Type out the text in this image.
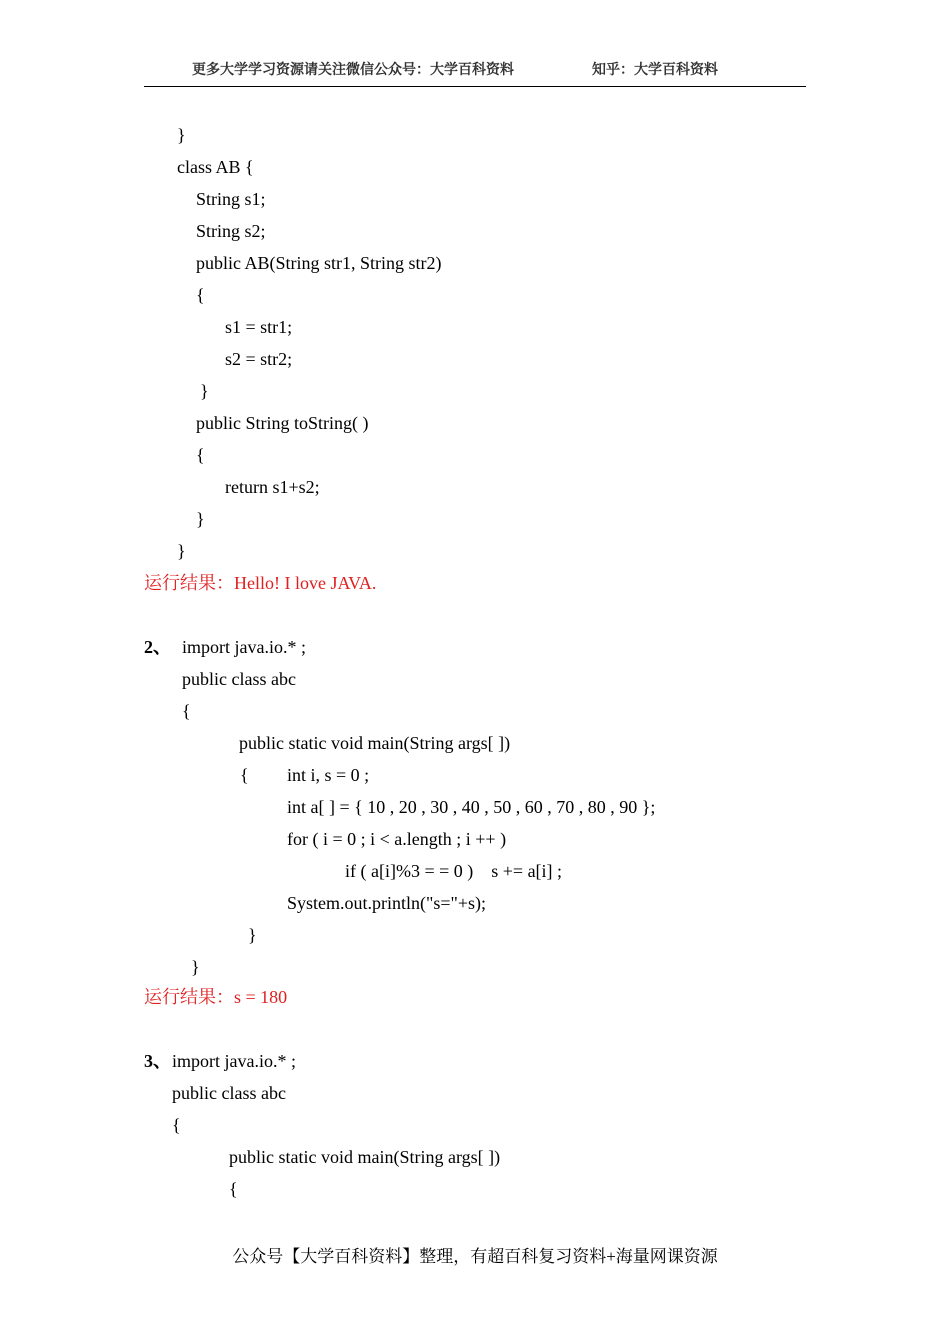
更多大学学习资源请关注微信公众号：大学百科资料	知乎：大学百科资料
}
class AB {
String s1;
String s2;
public AB(String str1, String str2)
{
s1 = str1;
s2 = str2;
}
public String toString( )
{
return s1+s2;
}
}
运行结果：Hello! I love JAVA.
2、 import java.io.* ;
public class abc
{
public static void main(String args[ ])
{ int i, s = 0 ;
int a[ ] = { 10 , 20 , 30 , 40 , 50 , 60 , 70 , 80 , 90 };
for ( i = 0 ; i < a.length ; i ++ )
if ( a[i]%3 = = 0 )    s += a[i] ;
System.out.println("s="+s);
}
}
运行结果：s = 180
3、 import java.io.* ;
public class abc
{
public static void main(String args[ ])
{
公众号【大学百科资料】整理，有超百科复习资料+海量网课资源
